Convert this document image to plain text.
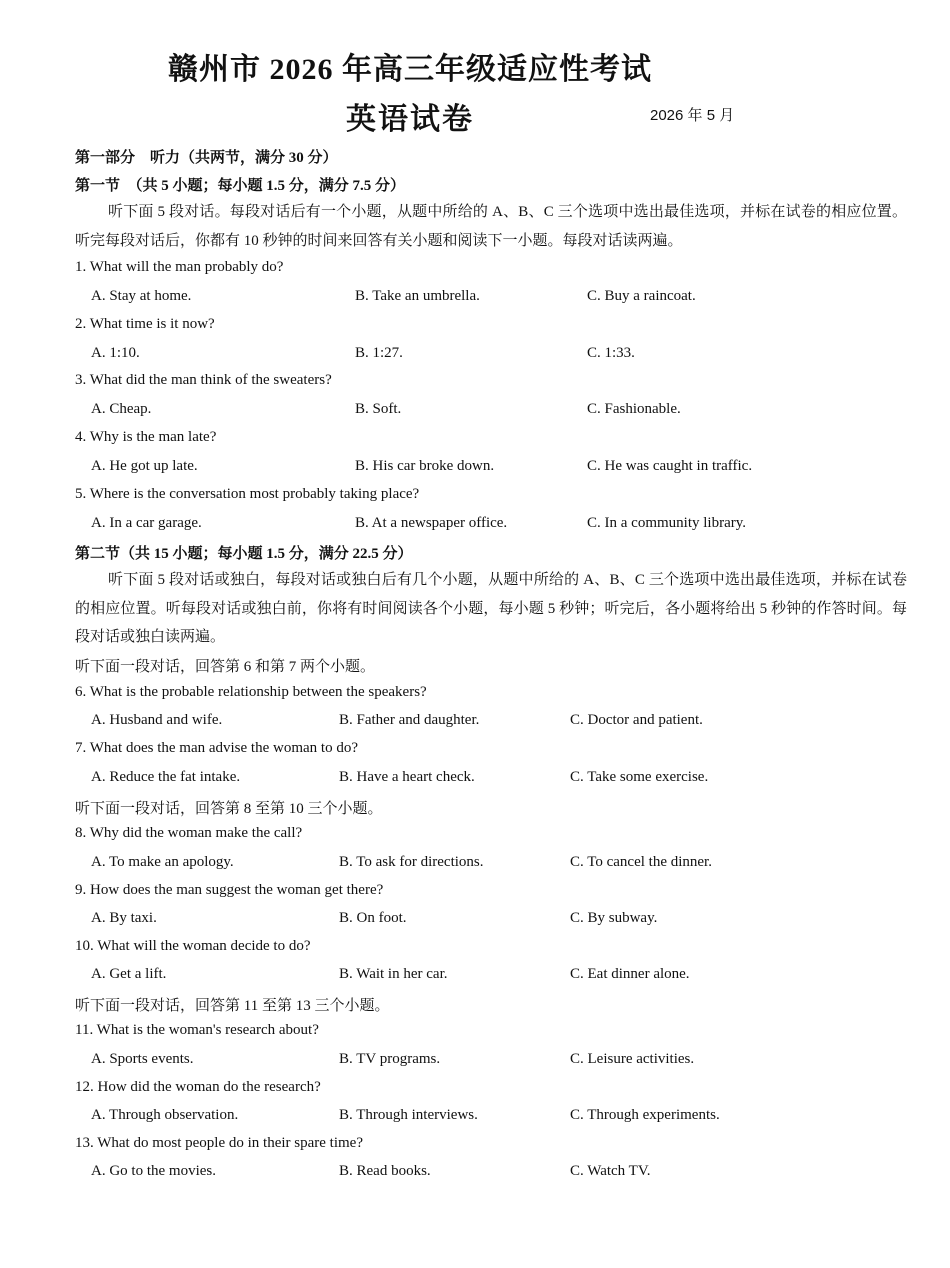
赣州市 2026 年高三年级适应性考试
英语试卷	2026 年 5 月
第一部分　听力（共两节，满分 30 分）
第一节　（共 5 小题；每小题 1.5 分，满分 7.5 分）
听下面 5 段对话。每段对话后有一个小题，从题中所给的 A、B、C 三个选项中选出最佳选项，并标在试卷的相应位置。听完每段对话后，你都有 10 秒钟的时间来回答有关小题和阅读下一小题。每段对话读两遍。
1. What will the man probably do?
A. Stay at home.	B. Take an umbrella.	C. Buy a raincoat.
2. What time is it now?
A. 1:10.	B. 1:27.	C. 1:33.
3. What did the man think of the sweaters?
A. Cheap.	B. Soft.	C. Fashionable.
4. Why is the man late?
A. He got up late.	B. His car broke down.	C. He was caught in traffic.
5. Where is the conversation most probably taking place?
A. In a car garage.	B. At a newspaper office.	C. In a community library.
第二节（共 15 小题；每小题 1.5 分，满分 22.5 分）
听下面 5 段对话或独白，每段对话或独白后有几个小题，从题中所给的 A、B、C 三个选项中选出最佳选项，并标在试卷的相应位置。听每段对话或独白前，你将有时间阅读各个小题，每小题 5 秒钟；听完后，各小题将给出 5 秒钟的作答时间。每段对话或独白读两遍。
听下面一段对话，回答第 6 和第 7 两个小题。
6. What is the probable relationship between the speakers?
A. Husband and wife.	B. Father and daughter.	C. Doctor and patient.
7. What does the man advise the woman to do?
A. Reduce the fat intake.	B. Have a heart check.	C. Take some exercise.
听下面一段对话，回答第 8 至第 10 三个小题。
8. Why did the woman make the call?
A. To make an apology.	B. To ask for directions.	C. To cancel the dinner.
9. How does the man suggest the woman get there?
A. By taxi.	B. On foot.	C. By subway.
10. What will the woman decide to do?
A. Get a lift.	B. Wait in her car.	C. Eat dinner alone.
听下面一段对话，回答第 11 至第 13 三个小题。
11. What is the woman's research about?
A. Sports events.	B. TV programs.	C. Leisure activities.
12. How did the woman do the research?
A. Through observation.	B. Through interviews.	C. Through experiments.
13. What do most people do in their spare time?
A. Go to the movies.	B. Read books.	C. Watch TV.
